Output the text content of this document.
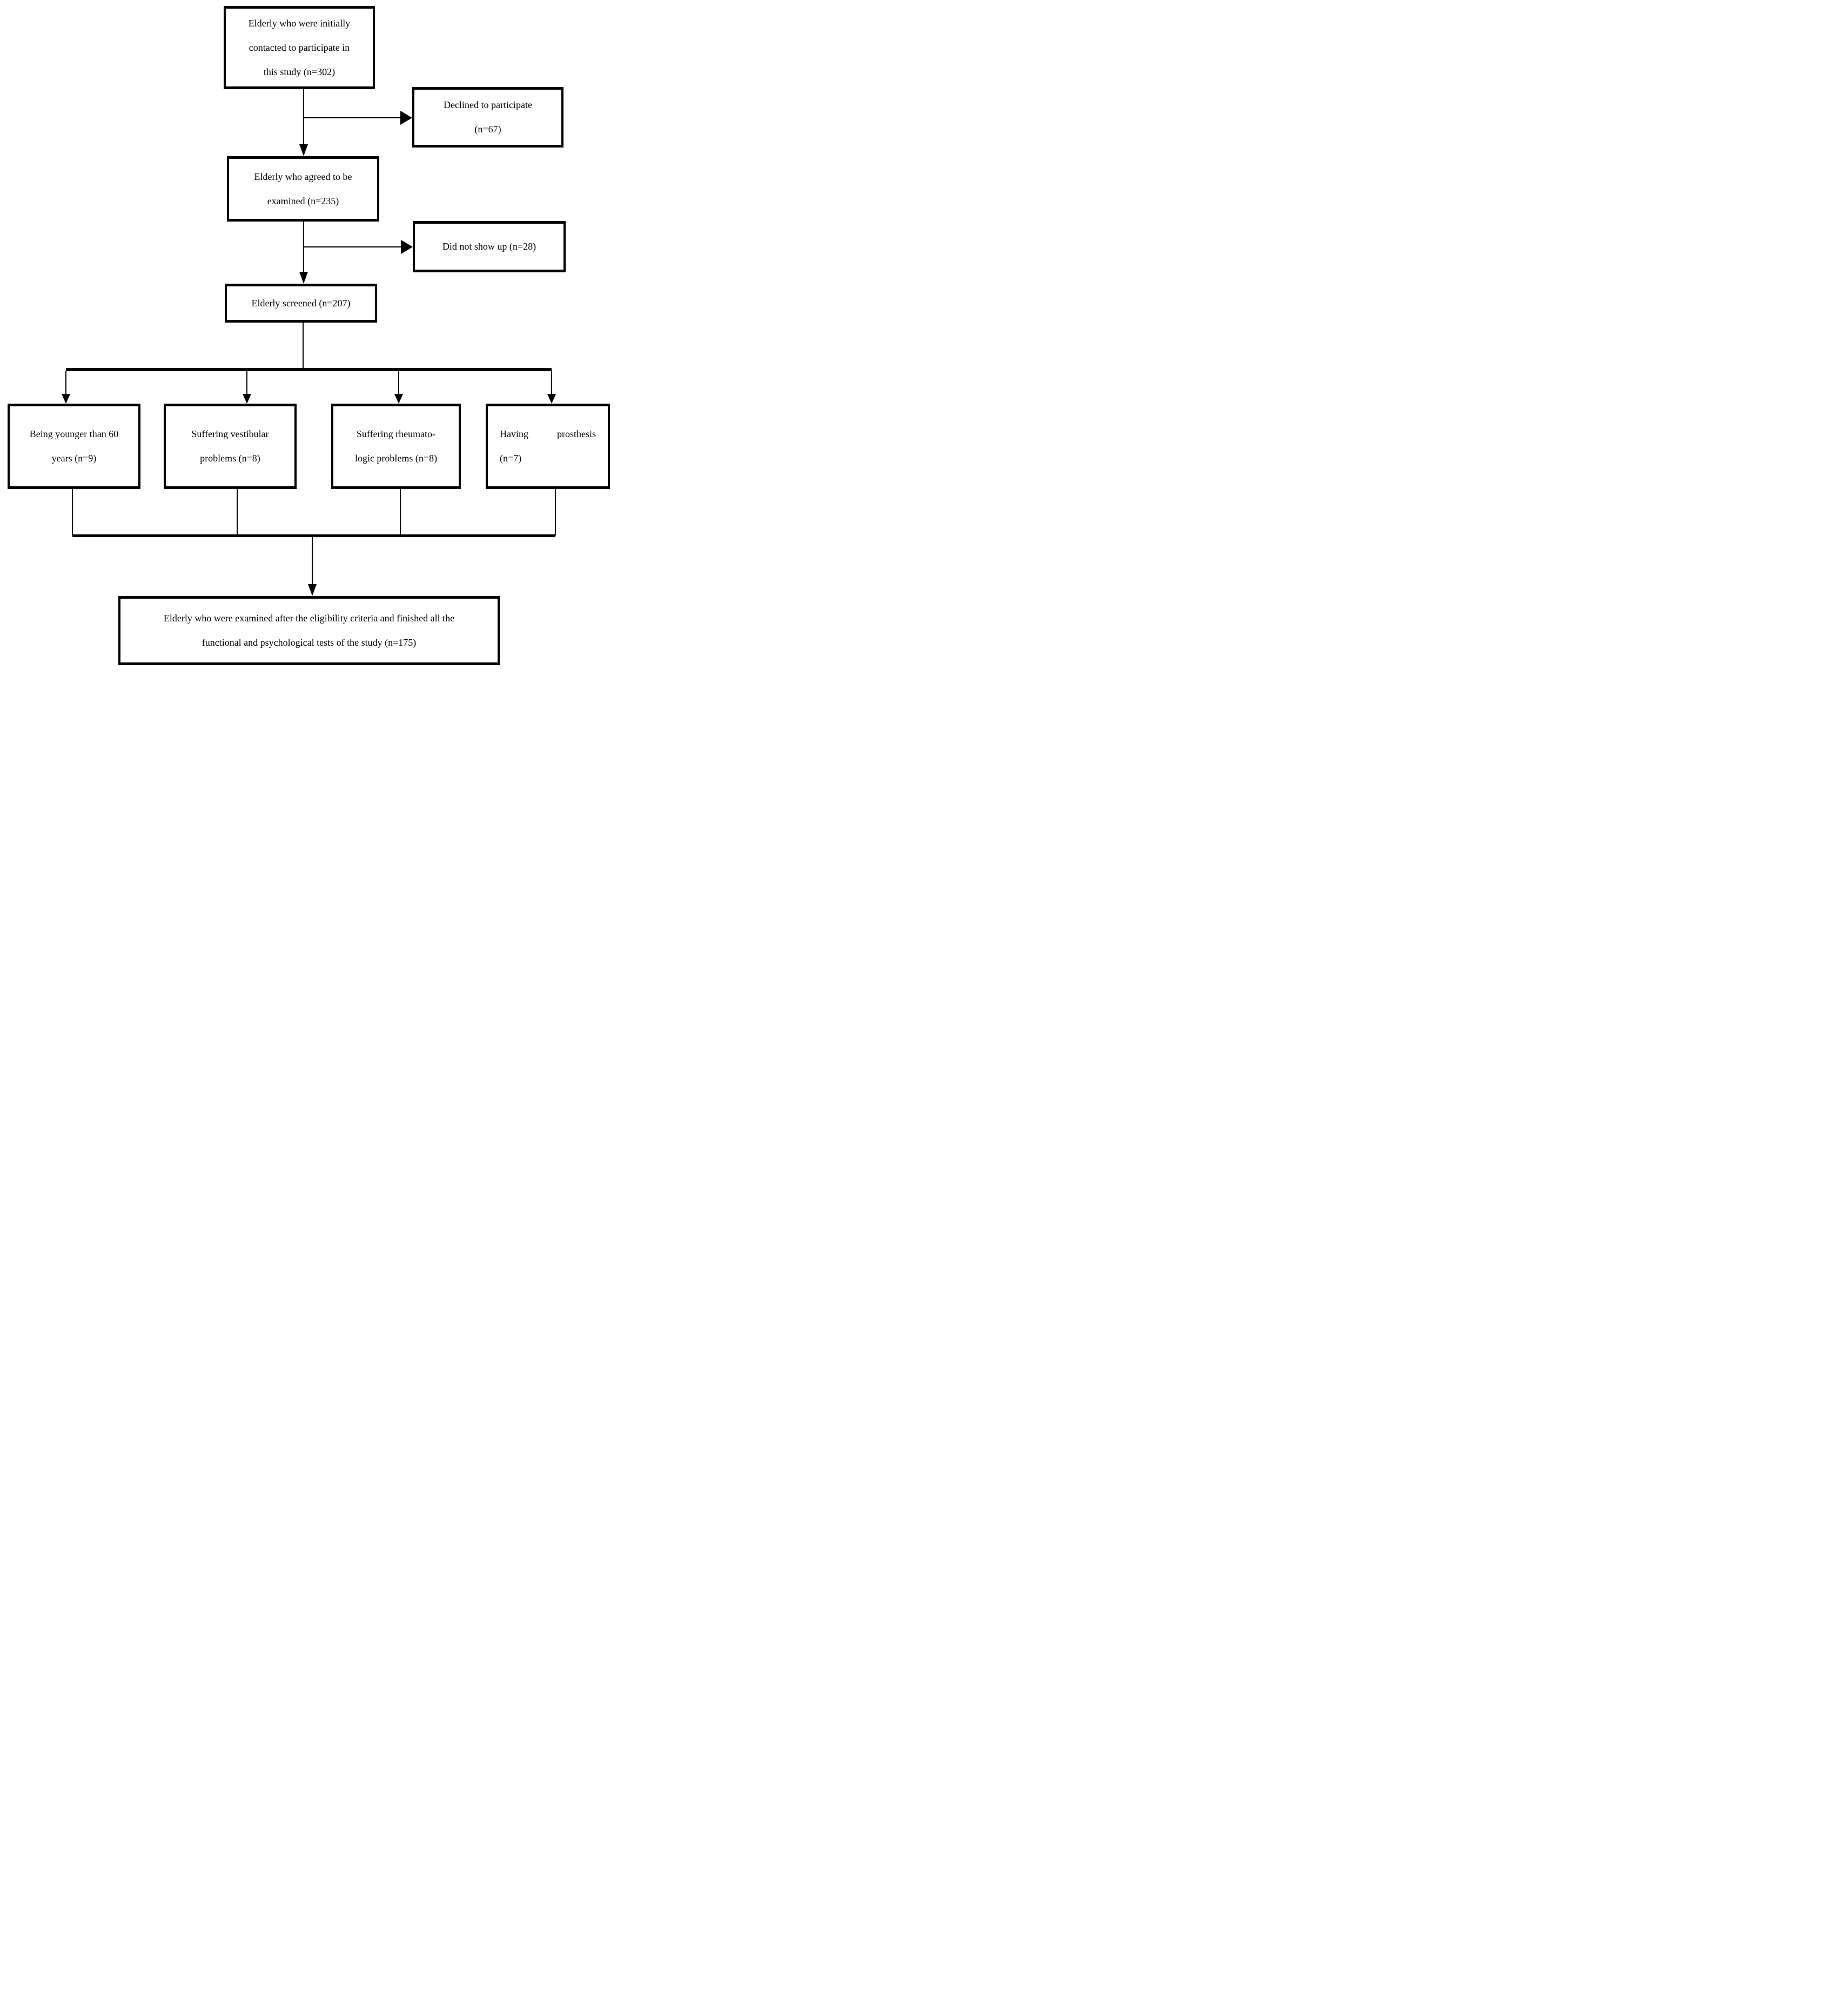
Elderly who were initially
contacted to participate in
this study (n=302)
Declined to participate
(n=67)
Elderly who agreed to be
examined (n=235)
Did not show up (n=28)
Elderly screened (n=207)
Being younger than 60
years (n=9)
Suffering vestibular
problems (n=8)
Suffering rheumato-
logic problems (n=8)
Having	prosthesis
(n=7)
Elderly who were examined after the eligibility criteria and finished all the
functional and psychological tests of the study (n=175)
